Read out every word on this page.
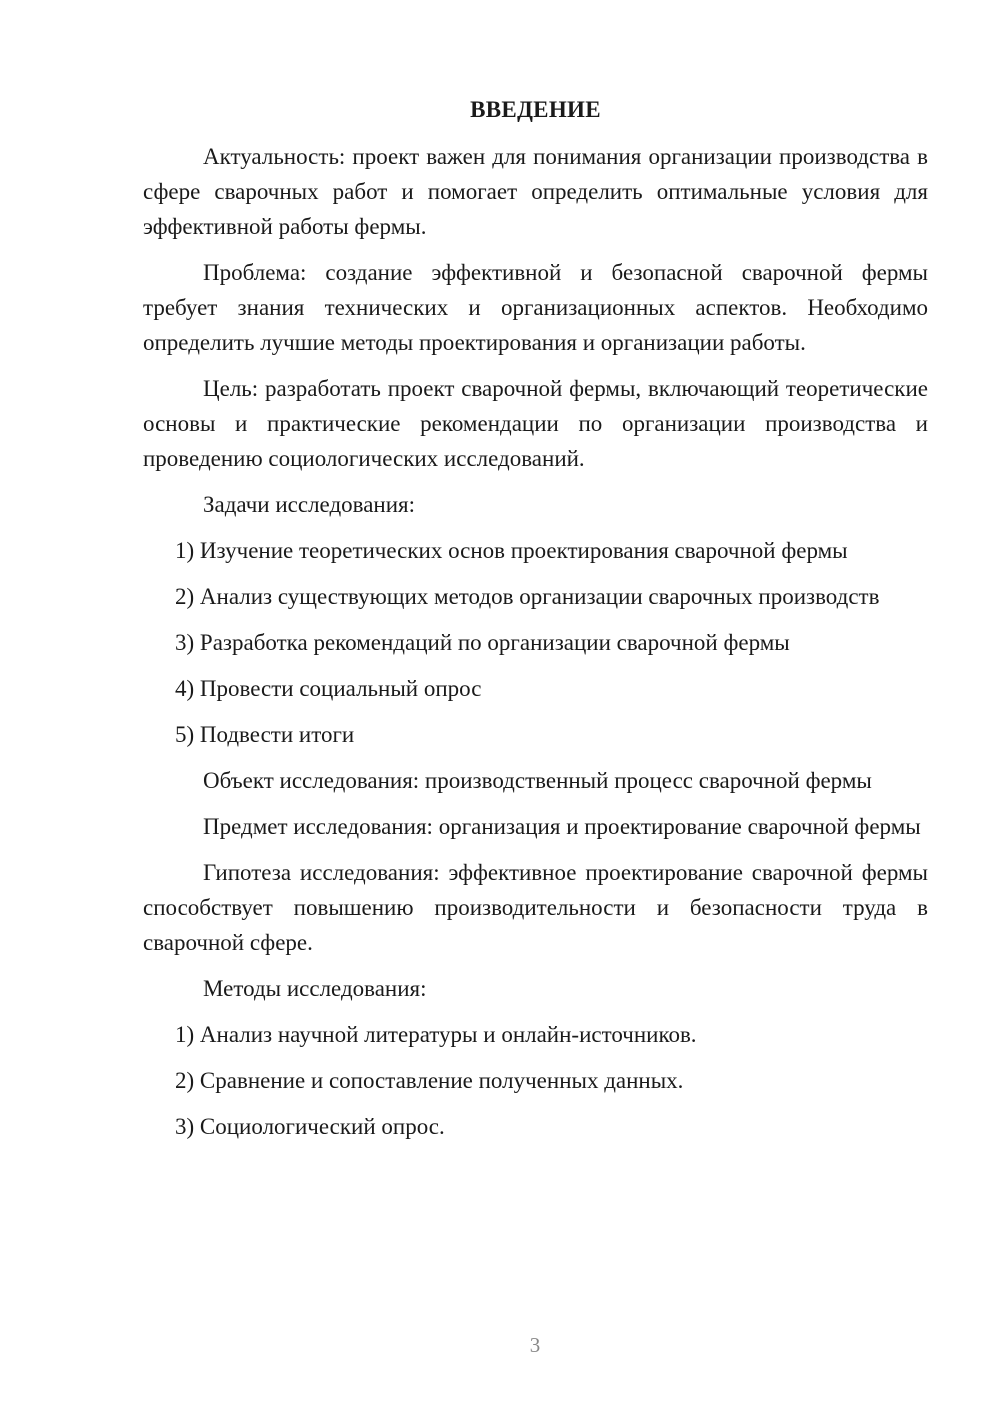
ВВЕДЕНИЕ
Актуальность: проект важен для понимания организации производства в сфере сварочных работ и помогает определить оптимальные условия для эффективной работы фермы.
Проблема: создание эффективной и безопасной сварочной фермы требует знания технических и организационных аспектов. Необходимо определить лучшие методы проектирования и организации работы.
Цель: разработать проект сварочной фермы, включающий теоретические основы и практические рекомендации по организации производства и проведению социологических исследований.
Задачи исследования:
1) Изучение теоретических основ проектирования сварочной фермы
2) Анализ существующих методов организации сварочных производств
3) Разработка рекомендаций по организации сварочной фермы
4) Провести социальный опрос
5) Подвести итоги
Объект исследования: производственный процесс сварочной фермы
Предмет исследования: организация и проектирование сварочной фермы
Гипотеза исследования: эффективное проектирование сварочной фермы способствует повышению производительности и безопасности труда в сварочной сфере.
Методы исследования:
1) Анализ научной литературы и онлайн-источников.
2) Сравнение и сопоставление полученных данных.
3) Социологический опрос.
3
